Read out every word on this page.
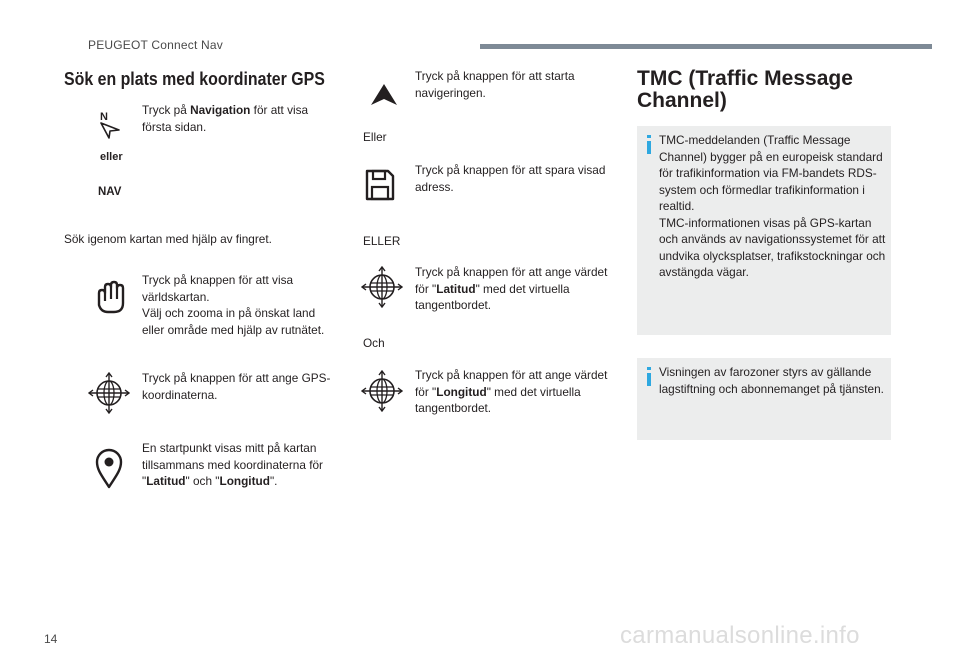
PEUGEOT Connect Nav
Sök en plats med koordinater GPS
N	Tryck på Navigation för att visa första sidan.
eller
NAV
Sök igenom kartan med hjälp av fingret.
Tryck på knappen för att visa världskartan.
Välj och zooma in på önskat land eller område med hjälp av rutnätet.
Tryck på knappen för att ange GPS-koordinaterna.
En startpunkt visas mitt på kartan tillsammans med koordinaterna för "Latitud" och "Longitud".
Tryck på knappen för att starta navigeringen.
Eller
Tryck på knappen för att spara visad adress.
ELLER
Tryck på knappen för att ange värdet för "Latitud" med det virtuella tangentbordet.
Och
Tryck på knappen för att ange värdet för "Longitud" med det virtuella tangentbordet.
TMC (Traffic Message Channel)
TMC-meddelanden (Traffic Message Channel) bygger på en europeisk standard för trafikinformation via FM-bandets RDS-system och förmedlar trafikinformation i realtid.
TMC-informationen visas på GPS-kartan och används av navigationssystemet för att undvika olycksplatser, trafikstockningar och avstängda vägar.
Visningen av farozoner styrs av gällande lagstiftning och abonnemanget på tjänsten.
14	carmanualsonline.info
